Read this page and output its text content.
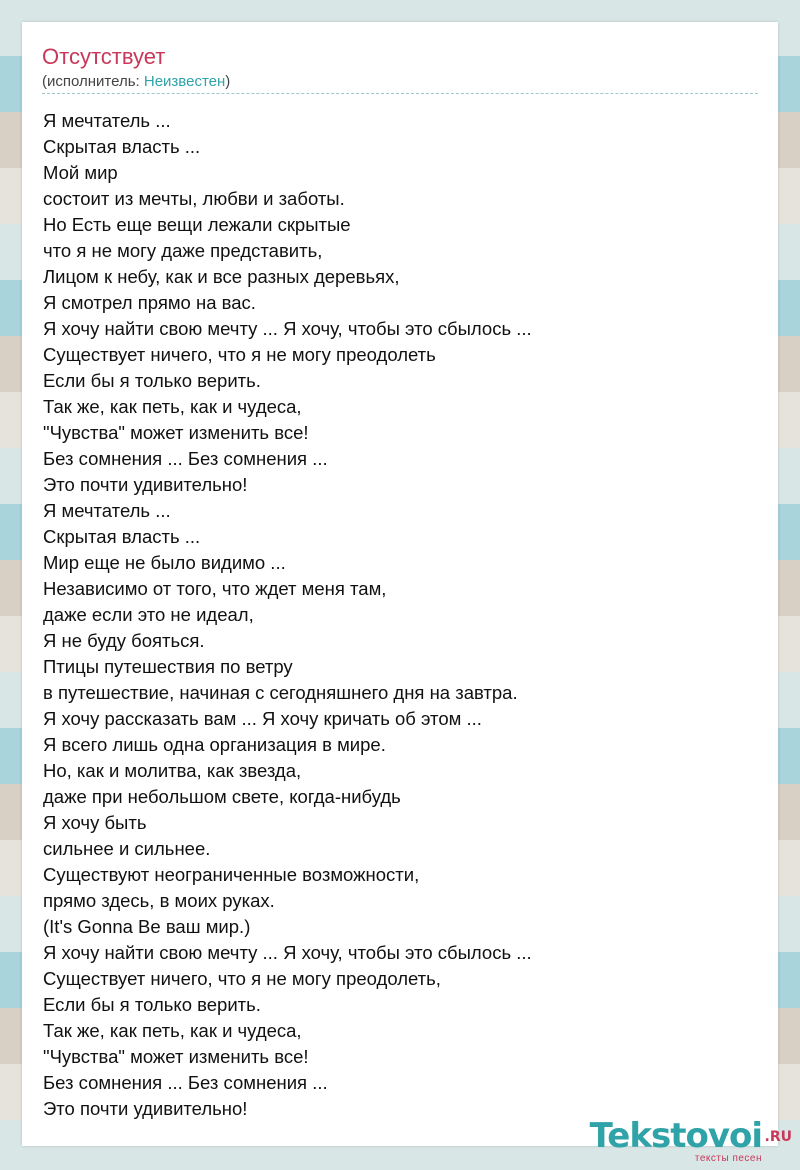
Отсутствует
(исполнитель: Неизвестен)
Я мечтатель ...
Скрытая власть ...
Мой мир
состоит из мечты, любви и заботы.
Но Есть еще вещи лежали скрытые
что я не могу даже представить,
Лицом к небу, как и все разных деревьях,
Я смотрел прямо на вас.
Я хочу найти свою мечту ... Я хочу, чтобы это сбылось ...
Существует ничего, что я не могу преодолеть
Если бы я только верить.
Так же, как петь, как и чудеса,
"Чувства" может изменить все!
Без сомнения ... Без сомнения ...
Это почти удивительно!
Я мечтатель ...
Скрытая власть ...
Мир еще не было видимо ...
Независимо от того, что ждет меня там,
даже если это не идеал,
Я не буду бояться.
Птицы путешествия по ветру
в путешествие, начиная с сегодняшнего дня на завтра.
Я хочу рассказать вам ... Я хочу кричать об этом ...
Я всего лишь одна организация в мире.
Но, как и молитва, как звезда,
даже при небольшом свете, когда-нибудь
Я хочу быть
сильнее и сильнее.
Существуют неограниченные возможности,
прямо здесь, в моих руках.
(It's Gonna Be ваш мир.)
Я хочу найти свою мечту ... Я хочу, чтобы это сбылось ...
Существует ничего, что я не могу преодолеть,
Если бы я только верить.
Так же, как петь, как и чудеса,
"Чувства" может изменить все!
Без сомнения ... Без сомнения ...
Это почти удивительно!
Tekstovoi .RU
тексты песен
